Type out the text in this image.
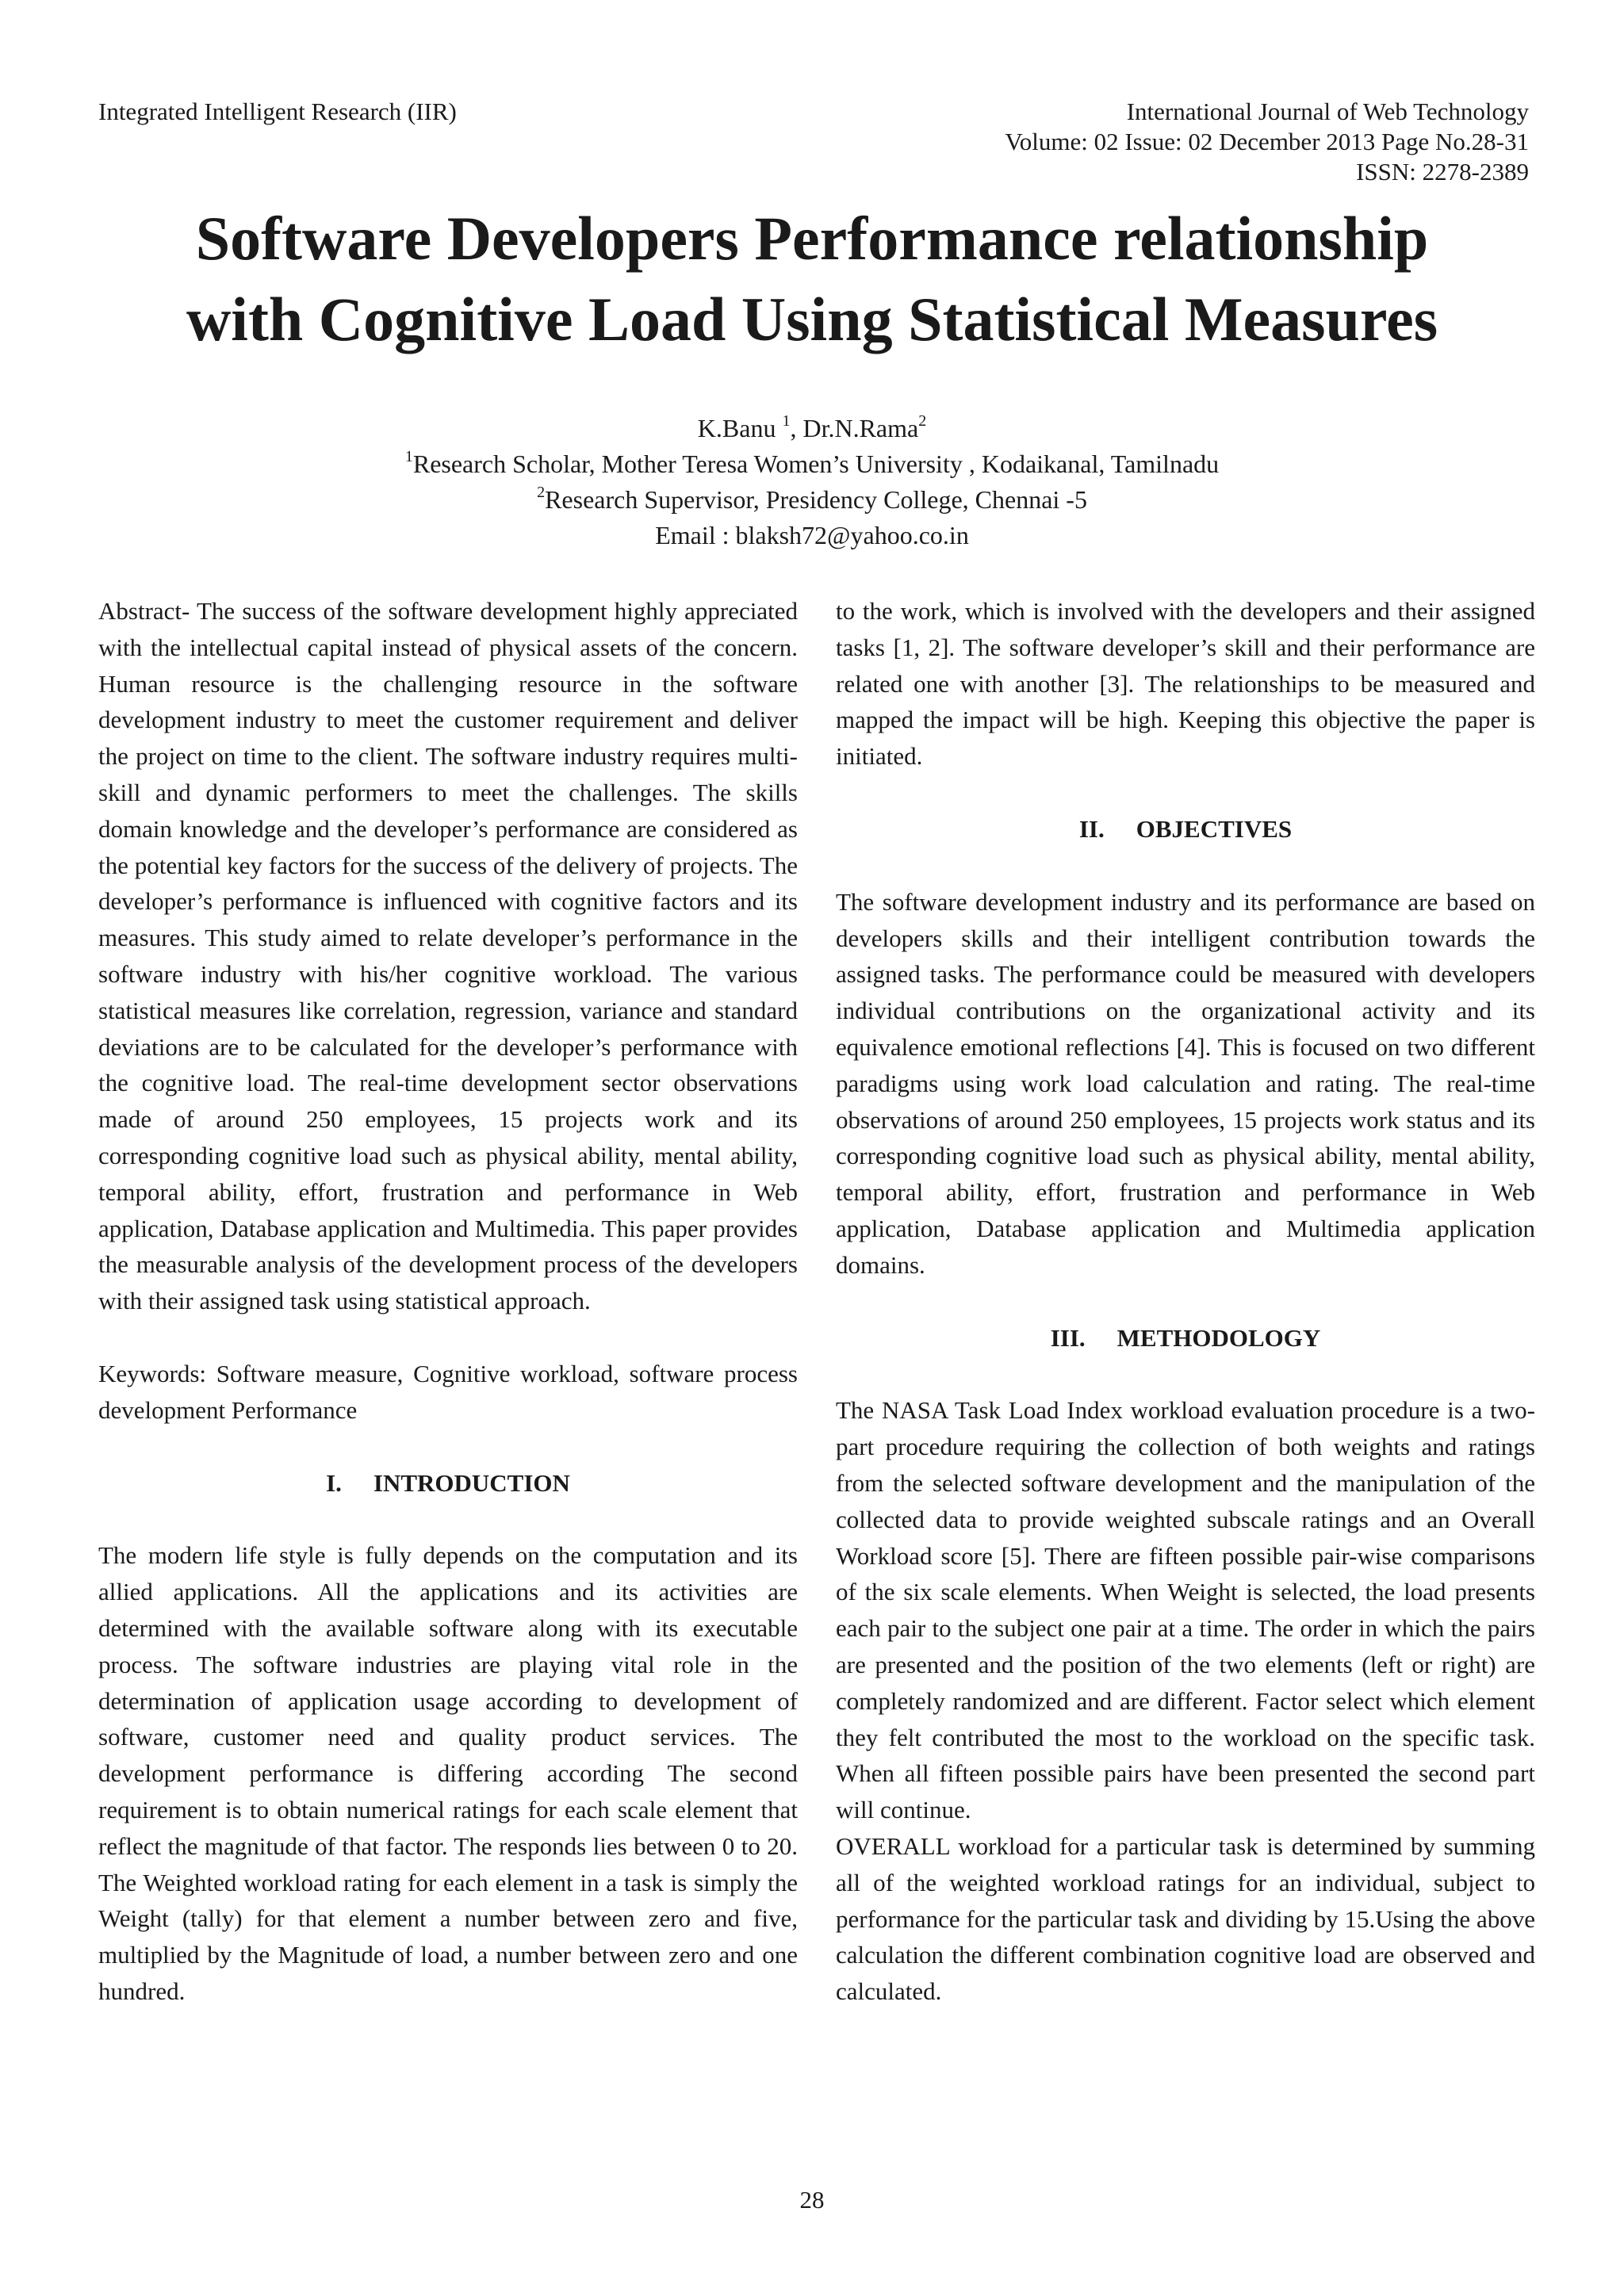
Integrated Intelligent Research (IIR)	International Journal of Web Technology
Volume: 02 Issue: 02 December 2013 Page No.28-31
ISSN: 2278-2389
Software Developers Performance relationship
with Cognitive Load Using Statistical Measures
K.Banu $^1$, Dr.N.Rama$^2$
$^1$Research Scholar, Mother Teresa Women’s University , Kodaikanal, Tamilnadu
$^2$Research Supervisor, Presidency College, Chennai -5
Email : blaksh72@yahoo.co.in

Abstract- The success of the software development highly appreciated with the intellectual capital instead of physical assets of the concern. Human resource is the challenging resource in the software development industry to meet the customer requirement and deliver the project on time to the client. The software industry requires multi-skill and dynamic performers to meet the challenges. The skills domain knowledge and the developer’s performance are considered as the potential key factors for the success of the delivery of projects. The developer’s performance is influenced with cognitive factors and its measures. This study aimed to relate developer’s performance in the software industry with his/her cognitive workload. The various statistical measures like correlation, regression, variance and standard deviations are to be calculated for the developer’s performance with the cognitive load. The real-time development sector observations made of around 250 employees, 15 projects work and its corresponding cognitive load such as physical ability, mental ability, temporal ability, effort, frustration and performance in Web application, Database application and Multimedia. This paper provides the measurable analysis of the development process of the developers with their assigned task using statistical approach.

Keywords: Software measure, Cognitive workload, software process development Performance

I. INTRODUCTION

The modern life style is fully depends on the computation and its allied applications. All the applications and its activities are determined with the available software along with its executable process. The software industries are playing vital role in the determination of application usage according to development of software, customer need and quality product services. The development performance is differing according The second requirement is to obtain numerical ratings for each scale element that reflect the magnitude of that factor. The responds lies between 0 to 20. The Weighted workload rating for each element in a task is simply the Weight (tally) for that element a number between zero and five, multiplied by the Magnitude of load, a number between zero and one hundred.

to the work, which is involved with the developers and their assigned tasks [1, 2]. The software developer’s skill and their performance are related one with another [3]. The relationships to be measured and mapped the impact will be high. Keeping this objective the paper is initiated.

II. OBJECTIVES

The software development industry and its performance are based on developers skills and their intelligent contribution towards the assigned tasks. The performance could be measured with developers individual contributions on the organizational activity and its equivalence emotional reflections [4]. This is focused on two different paradigms using work load calculation and rating. The real-time observations of around 250 employees, 15 projects work status and its corresponding cognitive load such as physical ability, mental ability, temporal ability, effort, frustration and performance in Web application, Database application and Multimedia application domains.

III. METHODOLOGY

The NASA Task Load Index workload evaluation procedure is a two-part procedure requiring the collection of both weights and ratings from the selected software development and the manipulation of the collected data to provide weighted subscale ratings and an Overall Workload score [5]. There are fifteen possible pair-wise comparisons of the six scale elements. When Weight is selected, the load presents each pair to the subject one pair at a time. The order in which the pairs are presented and the position of the two elements (left or right) are completely randomized and are different. Factor select which element they felt contributed the most to the workload on the specific task. When all fifteen possible pairs have been presented the second part will continue.

OVERALL workload for a particular task is determined by summing all of the weighted workload ratings for an individual, subject to performance for the particular task and dividing by 15.Using the above calculation the different combination cognitive load are observed and calculated.

28
